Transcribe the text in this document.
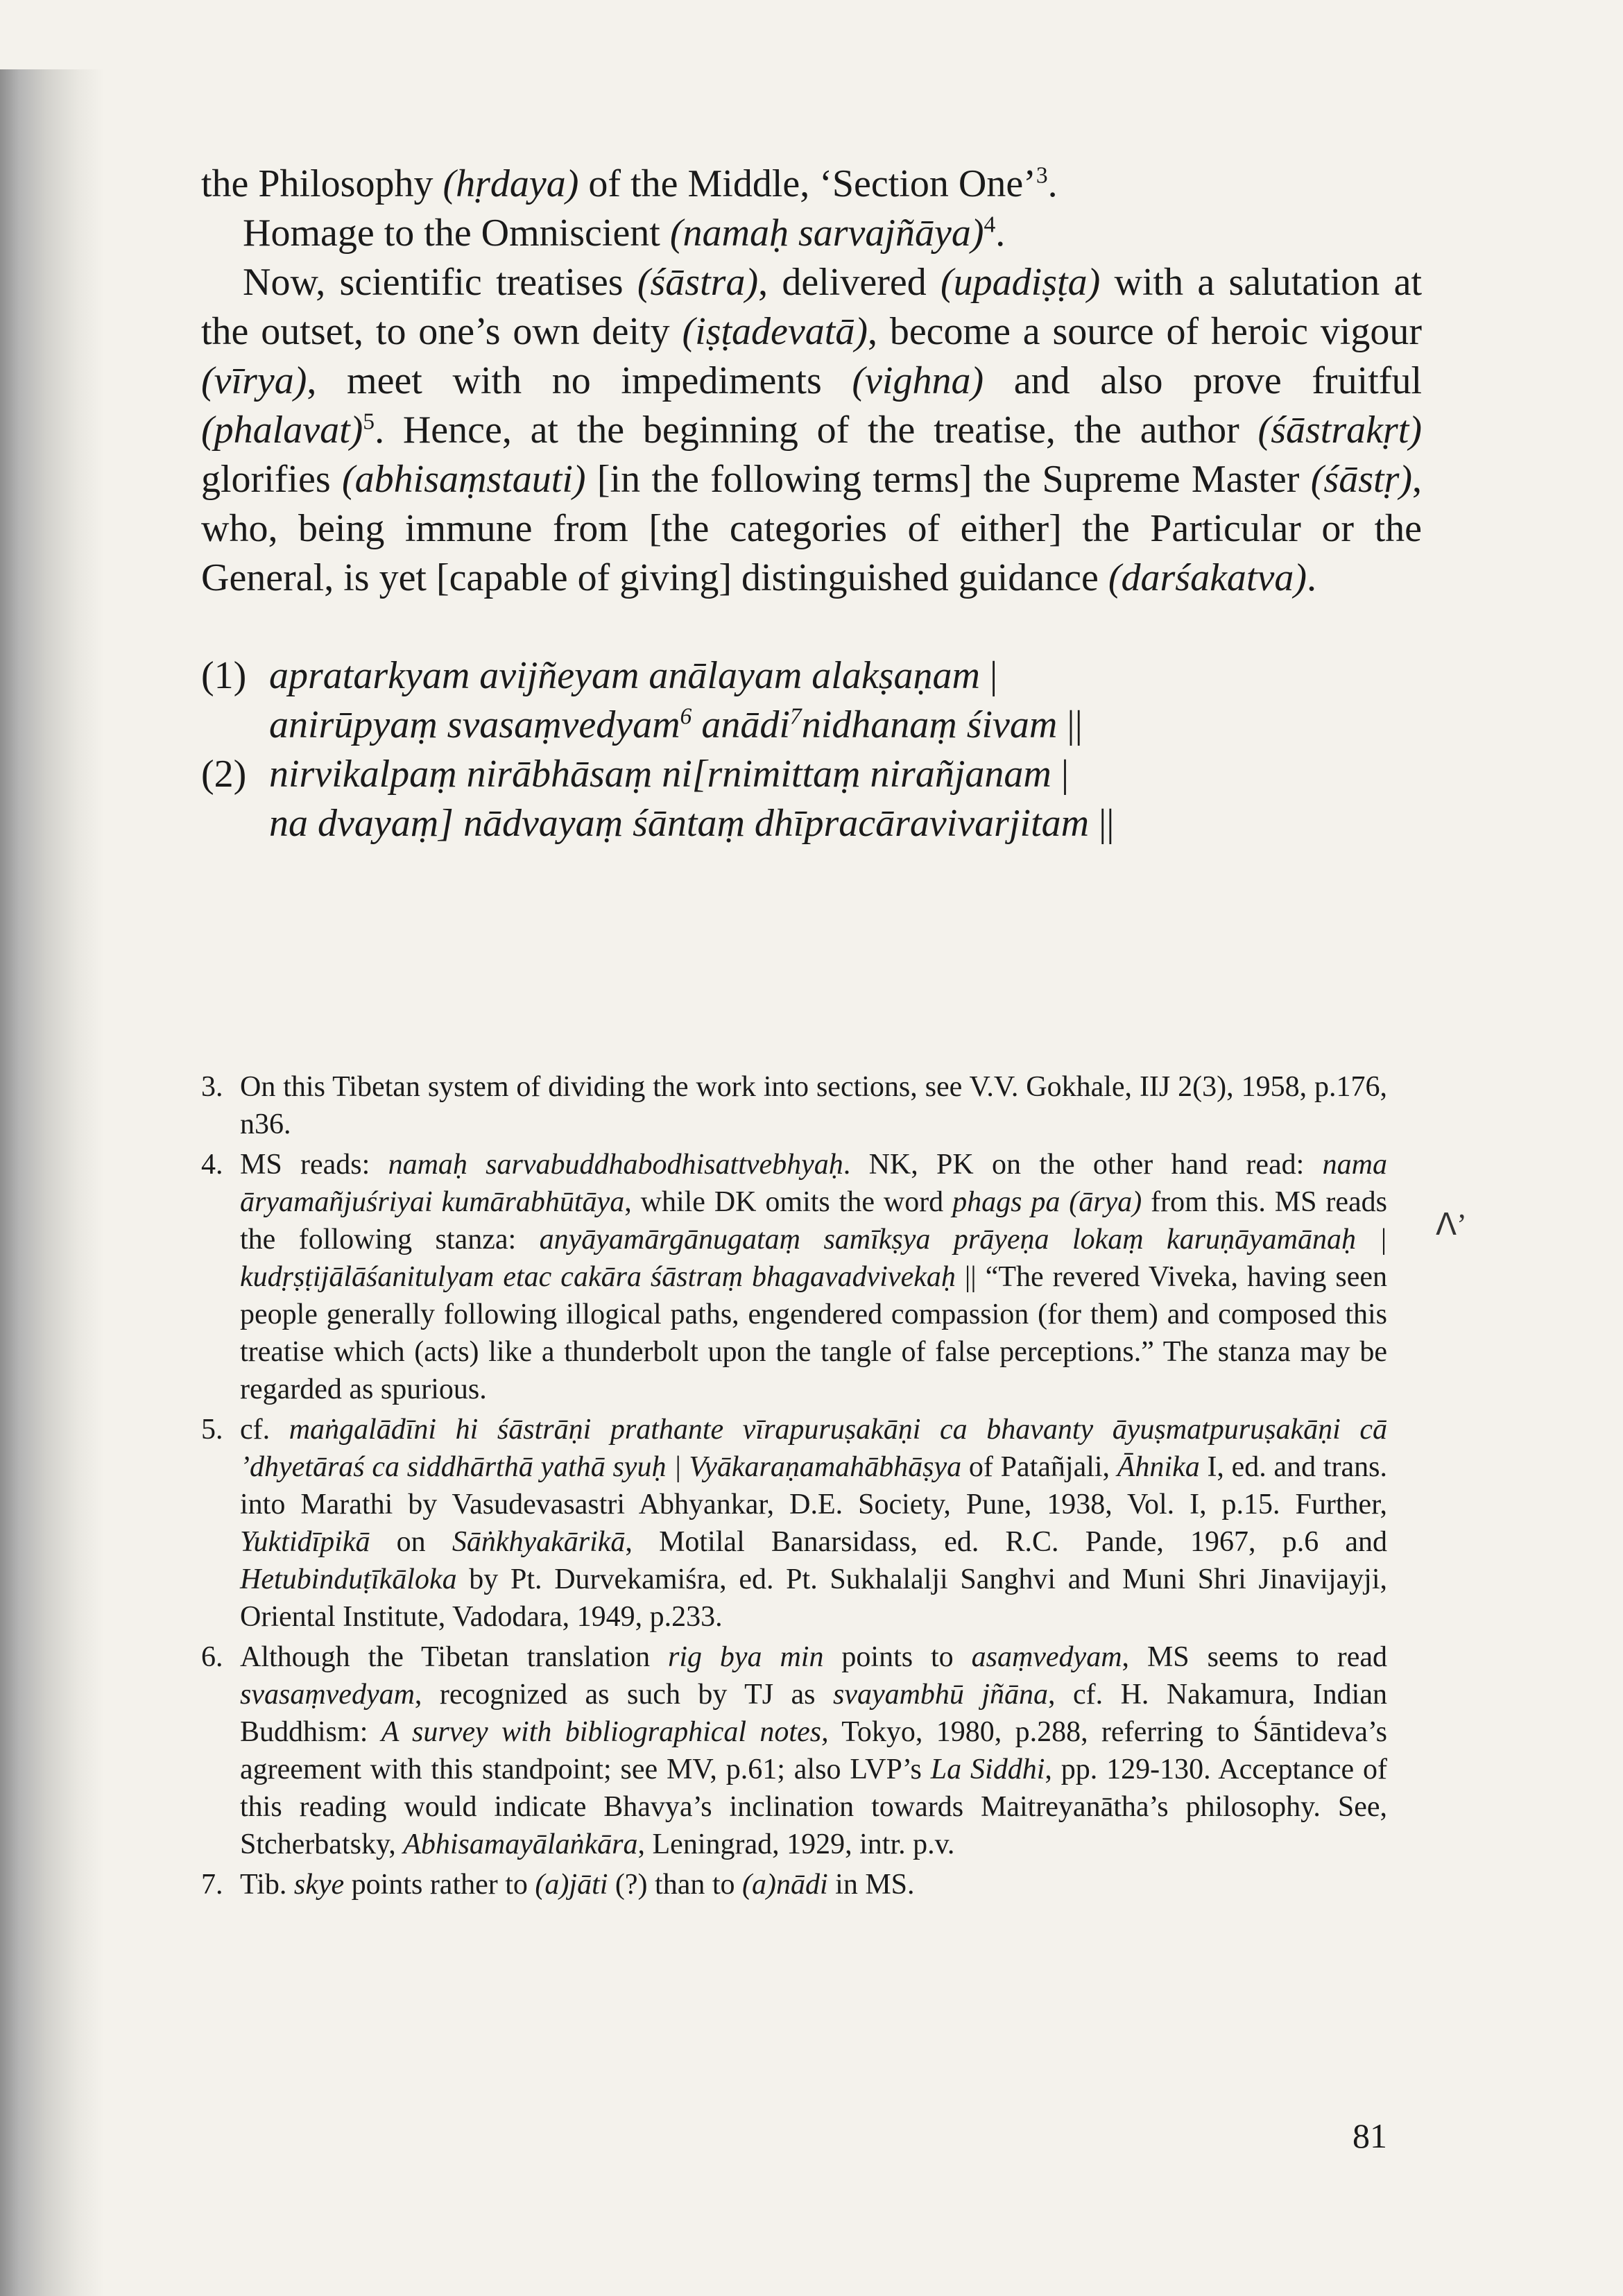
the Philosophy (hṛdaya) of the Middle, ‘Section One’$^3$.

Homage to the Omniscient (namaḥ sarvajñāya)$^4$.

Now, scientific treatises (śāstra), delivered (upadiṣṭa) with a salutation at the outset, to one’s own deity (iṣṭadevatā), become a source of heroic vigour (vīrya), meet with no impediments (vighna) and also prove fruitful (phalavat)$^5$. Hence, at the beginning of the treatise, the author (śāstrakṛt) glorifies (abhisaṃstauti) [in the following terms] the Supreme Master (śāstṛ), who, being immune from [the categories of either] the Particular or the General, is yet [capable of giving] distinguished guidance (darśakatva).

(1) apratarkyam avijñeyam anālayam alakṣaṇam |
anirūpyaṃ svasaṃvedyam$^6$ anādi$^7$nidhanaṃ śivam ||
(2) nirvikalpaṃ nirābhāsaṃ ni[rnimittaṃ nirañjanam |
na dvayaṃ] nādvayaṃ śāntaṃ dhīpracāravivarjitam ||

3. On this Tibetan system of dividing the work into sections, see V.V. Gokhale, IIJ 2(3), 1958, p.176, n36.

4. MS reads: namaḥ sarvabuddhabodhisattvebhyaḥ. NK, PK on the other hand read: nama āryamañjuśriyai kumārabhūtāya, while DK omits the word phags pa (ārya) from this. MS reads the following stanza: anyāyamārgānugataṃ samīkṣya prāyeṇa lokaṃ karuṇāyamānaḥ | kudṛṣṭijālāśanitulyam etac cakāra śāstraṃ bhagavadvivekaḥ || “The revered Viveka, having seen people generally following illogical paths, engendered compassion (for them) and composed this treatise which (acts) like a thunderbolt upon the tangle of false perceptions.” The stanza may be regarded as spurious.

5. cf. maṅgalādīni hi śāstrāṇi prathante vīrapuruṣakāṇi ca bhavanty āyuṣmatpuruṣakāṇi cā ’dhyetāraś ca siddhārthā yathā syuḥ | Vyākaraṇamahābhāṣya of Patañjali, Āhnika I, ed. and trans. into Marathi by Vasudevasastri Abhyankar, D.E. Society, Pune, 1938, Vol. I, p.15. Further, Yuktidīpikā on Sāṅkhyakārikā, Motilal Banarsidass, ed. R.C. Pande, 1967, p.6 and Hetubinduṭīkāloka by Pt. Durvekamiśra, ed. Pt. Sukhalalji Sanghvi and Muni Shri Jinavijayji, Oriental Institute, Vadodara, 1949, p.233.

6. Although the Tibetan translation rig bya min points to asaṃvedyam, MS seems to read svasaṃvedyam, recognized as such by TJ as svayambhū jñāna, cf. H. Nakamura, Indian Buddhism: A survey with bibliographical notes, Tokyo, 1980, p.288, referring to Śāntideva’s agreement with this standpoint; see MV, p.61; also LVP’s La Siddhi, pp. 129-130. Acceptance of this reading would indicate Bhavya’s inclination towards Maitreyanātha’s philosophy. See, Stcherbatsky, Abhisamayālaṅkāra, Leningrad, 1929, intr. p.v.

7. Tib. skye points rather to (a)jāti (?) than to (a)nādi in MS.

ᐱ’
81
